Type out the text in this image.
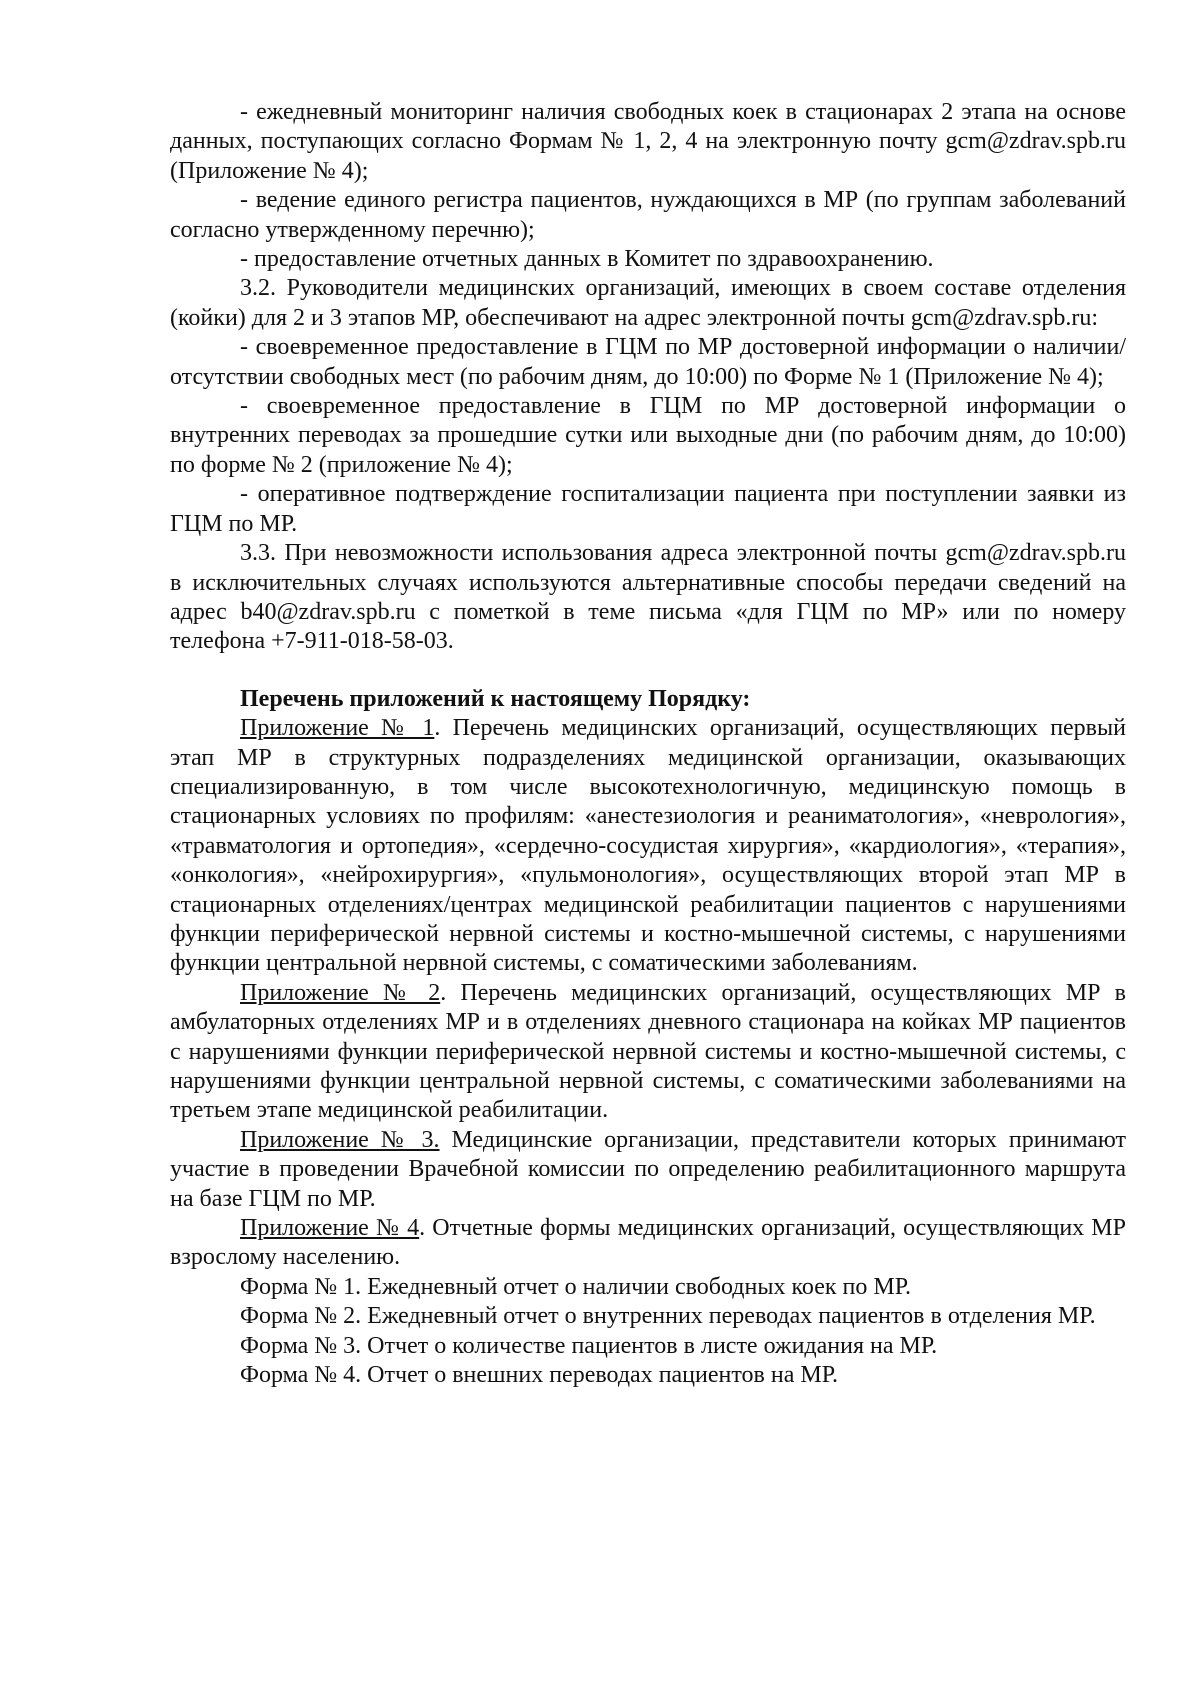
- ежедневный мониторинг наличия свободных коек в стационарах 2 этапа на основе данных, поступающих согласно Формам № 1, 2, 4 на электронную почту gcm@zdrav.spb.ru (Приложение № 4);

- ведение единого регистра пациентов, нуждающихся в МР (по группам заболеваний согласно утвержденному перечню);

- предоставление отчетных данных в Комитет по здравоохранению.

3.2. Руководители медицинских организаций, имеющих в своем составе отделения (койки) для 2 и 3 этапов МР, обеспечивают на адрес электронной почты gcm@zdrav.spb.ru:

- своевременное предоставление в ГЦМ по МР достоверной информации о наличии/отсутствии свободных мест (по рабочим дням, до 10:00) по Форме № 1 (Приложение № 4);

- своевременное предоставление в ГЦМ по МР достоверной информации о внутренних переводах за прошедшие сутки или выходные дни (по рабочим дням, до 10:00) по форме № 2 (приложение № 4);

- оперативное подтверждение госпитализации пациента при поступлении заявки из ГЦМ по МР.

3.3. При невозможности использования адреса электронной почты gcm@zdrav.spb.ru в исключительных случаях используются альтернативные способы передачи сведений на адрес b40@zdrav.spb.ru с пометкой в теме письма «для ГЦМ по МР» или по номеру телефона +7-911-018-58-03.

Перечень приложений к настоящему Порядку:

Приложение № 1. Перечень медицинских организаций, осуществляющих первый этап МР в структурных подразделениях медицинской организации, оказывающих специализированную, в том числе высокотехнологичную, медицинскую помощь в стационарных условиях по профилям: «анестезиология и реаниматология», «неврология», «травматология и ортопедия», «сердечно-сосудистая хирургия», «кардиология», «терапия», «онкология», «нейрохирургия», «пульмонология», осуществляющих второй этап МР в стационарных отделениях/центрах медицинской реабилитации пациентов с нарушениями функции периферической нервной системы и костно-мышечной системы, с нарушениями функции центральной нервной системы, с соматическими заболеваниям.

Приложение № 2. Перечень медицинских организаций, осуществляющих МР в амбулаторных отделениях МР и в отделениях дневного стационара на койках МР пациентов с нарушениями функции периферической нервной системы и костно-мышечной системы, с нарушениями функции центральной нервной системы, с соматическими заболеваниями на третьем этапе медицинской реабилитации.

Приложение № 3. Медицинские организации, представители которых принимают участие в проведении Врачебной комиссии по определению реабилитационного маршрута на базе ГЦМ по МР.

Приложение № 4. Отчетные формы медицинских организаций, осуществляющих МР взрослому населению.

Форма № 1. Ежедневный отчет о наличии свободных коек по МР.

Форма № 2. Ежедневный отчет о внутренних переводах пациентов в отделения МР.

Форма № 3. Отчет о количестве пациентов в листе ожидания на МР.

Форма № 4. Отчет о внешних переводах пациентов на МР.
